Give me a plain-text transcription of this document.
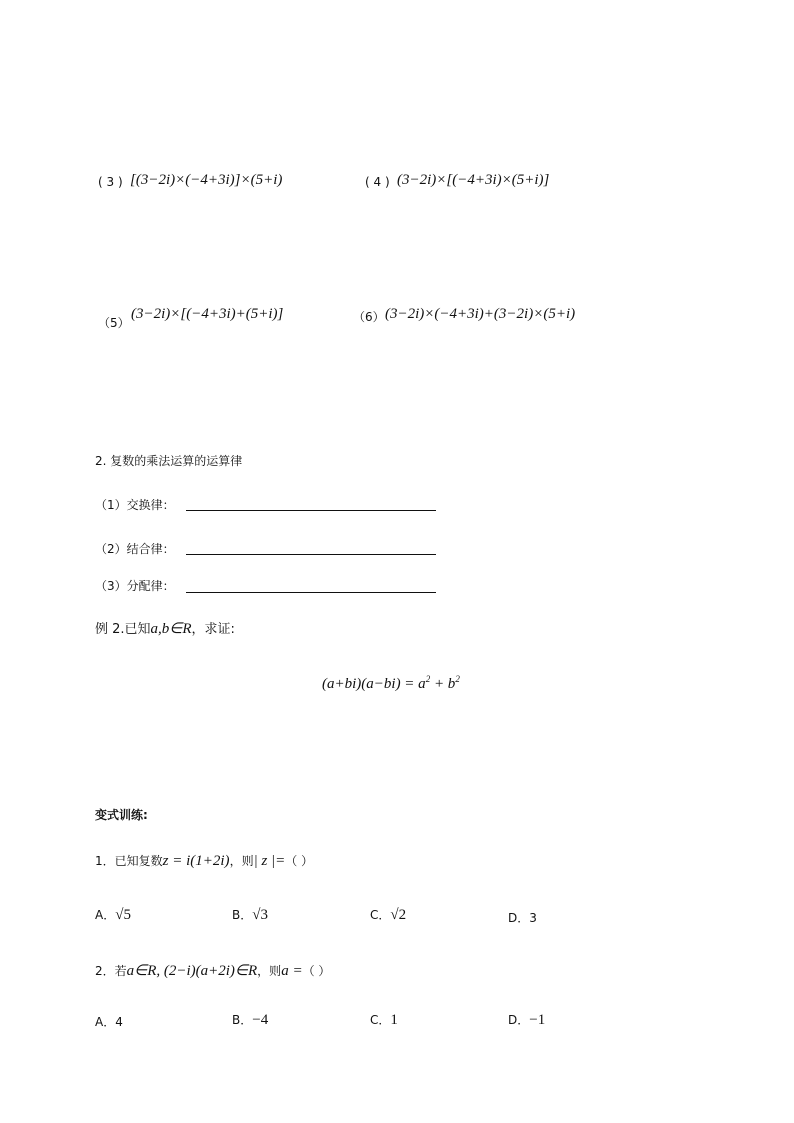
( 3 ) [(3−2i)×(−4+3i)]×(5+i)	( 4 ) (3−2i)×[(−4+3i)×(5+i)]
（5）
(3−2i)×[(−4+3i)+(5+i)]	（6） (3−2i)×(−4+3i)+(3−2i)×(5+i)
2. 复数的乘法运算的运算律
（1）交换律：
（2）结合律：
（3）分配律：
例 2.已知a,b∈R，求证:
$(a+bi)(a-bi) = a^2 + b^2$
变式训练:
1．已知复数z = i(1+2i)，则| z |=（ ）
A．√5	B．√3	C．√2	D．3
2．若a∈R, (2−i)(a+2i)∈R，则a =（ ）
A．4	B．−4	C．1	D．−1
